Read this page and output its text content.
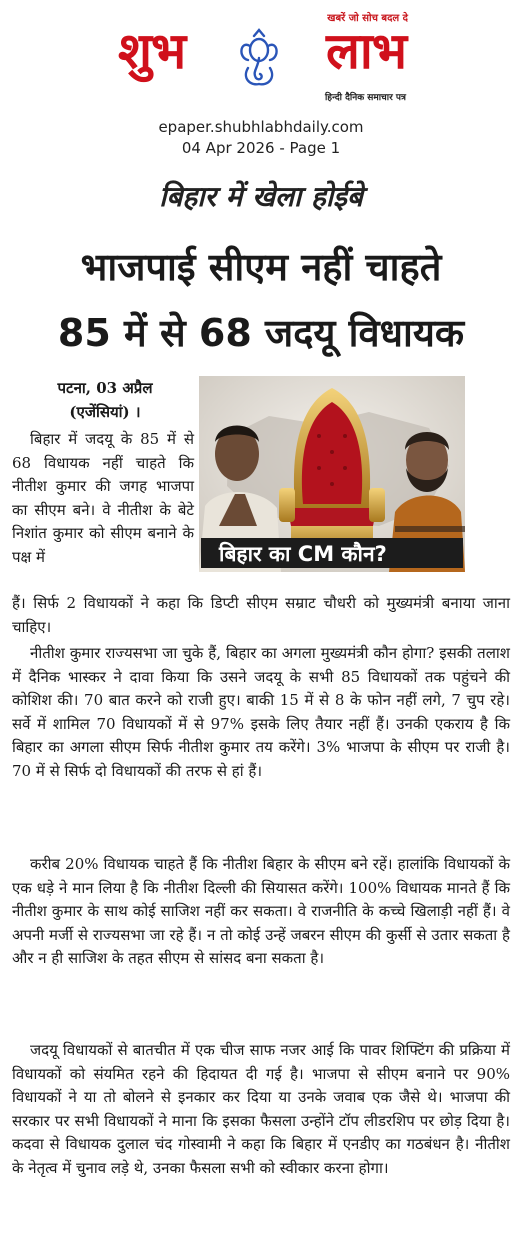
खबरें जो सोच बदल दे
शुभ	लाभ
हिन्दी दैनिक समाचार पत्र
epaper.shubhlabhdaily.com
04 Apr 2026 - Page 1
बिहार में खेला होईबे
भाजपाई सीएम नहीं चाहते
85 में से 68 जदयू विधायक
बिहार का CM कौन?
पटना, 03 अप्रैल
(एजेंसियां) ।

बिहार में जदयू के 85 में से 68 विधायक नहीं चाहते कि नीतीश कुमार की जगह भाजपा का सीएम बने। वे नीतीश के बेटे निशांत कुमार को सीएम बनाने के पक्ष में

हैं। सिर्फ 2 विधायकों ने कहा कि डिप्टी सीएम सम्राट चौधरी को मुख्यमंत्री बनाया जाना चाहिए।

नीतीश कुमार राज्यसभा जा चुके हैं, बिहार का अगला मुख्यमंत्री कौन होगा? इसकी तलाश में दैनिक भास्कर ने दावा किया कि उसने जदयू के सभी 85 विधायकों तक पहुंचने की कोशिश की। 70 बात करने को राजी हुए। बाकी 15 में से 8 के फोन नहीं लगे, 7 चुप रहे। सर्वे में शामिल 70 विधायकों में से 97% इसके लिए तैयार नहीं हैं। उनकी एकराय है कि बिहार का अगला सीएम सिर्फ नीतीश कुमार तय करेंगे। 3% भाजपा के सीएम पर राजी है। 70 में से सिर्फ दो विधायकों की तरफ से हां हैं।

करीब 20% विधायक चाहते हैं कि नीतीश बिहार के सीएम बने रहें। हालांकि विधायकों के एक धड़े ने मान लिया है कि नीतीश दिल्ली की सियासत करेंगे। 100% विधायक मानते हैं कि नीतीश कुमार के साथ कोई साजिश नहीं कर सकता। वे राजनीति के कच्चे खिलाड़ी नहीं हैं। वे अपनी मर्जी से राज्यसभा जा रहे हैं। न तो कोई उन्हें जबरन सीएम की कुर्सी से उतार सकता है और न ही साजिश के तहत सीएम से सांसद बना सकता है।

जदयू विधायकों से बातचीत में एक चीज साफ नजर आई कि पावर शिफ्टिंग की प्रक्रिया में विधायकों को संयमित रहने की हिदायत दी गई है। भाजपा से सीएम बनाने पर 90% विधायकों ने या तो बोलने से इनकार कर दिया या उनके जवाब एक जैसे थे। भाजपा की सरकार पर सभी विधायकों ने माना कि इसका फैसला उन्होंने टॉप लीडरशिप पर छोड़ दिया है। कदवा से विधायक दुलाल चंद गोस्वामी ने कहा कि बिहार में एनडीए का गठबंधन है। नीतीश के नेतृत्व में चुनाव लड़े थे, उनका फैसला सभी को स्वीकार करना होगा।
